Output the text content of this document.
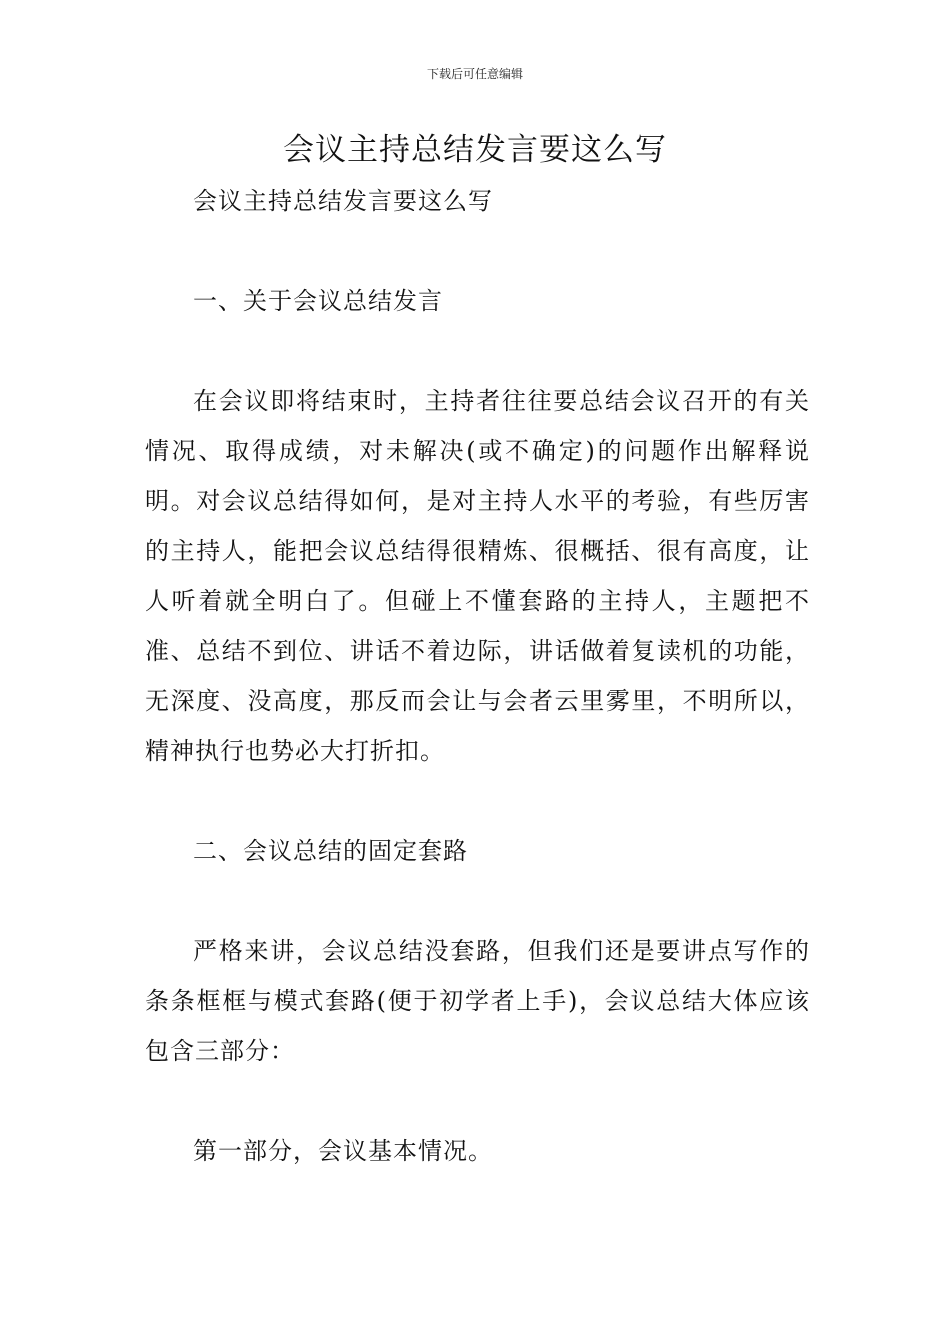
下载后可任意编辑
会议主持总结发言要这么写

会议主持总结发言要这么写

一、关于会议总结发言

在会议即将结束时，主持者往往要总结会议召开的有关情况、取得成绩，对未解决(或不确定)的问题作出解释说明。对会议总结得如何，是对主持人水平的考验，有些厉害的主持人，能把会议总结得很精炼、很概括、很有高度，让人听着就全明白了。但碰上不懂套路的主持人，主题把不准、总结不到位、讲话不着边际，讲话做着复读机的功能，无深度、没高度，那反而会让与会者云里雾里，不明所以，精神执行也势必大打折扣。

二、会议总结的固定套路

严格来讲，会议总结没套路，但我们还是要讲点写作的条条框框与模式套路(便于初学者上手)，会议总结大体应该包含三部分：

第一部分，会议基本情况。
